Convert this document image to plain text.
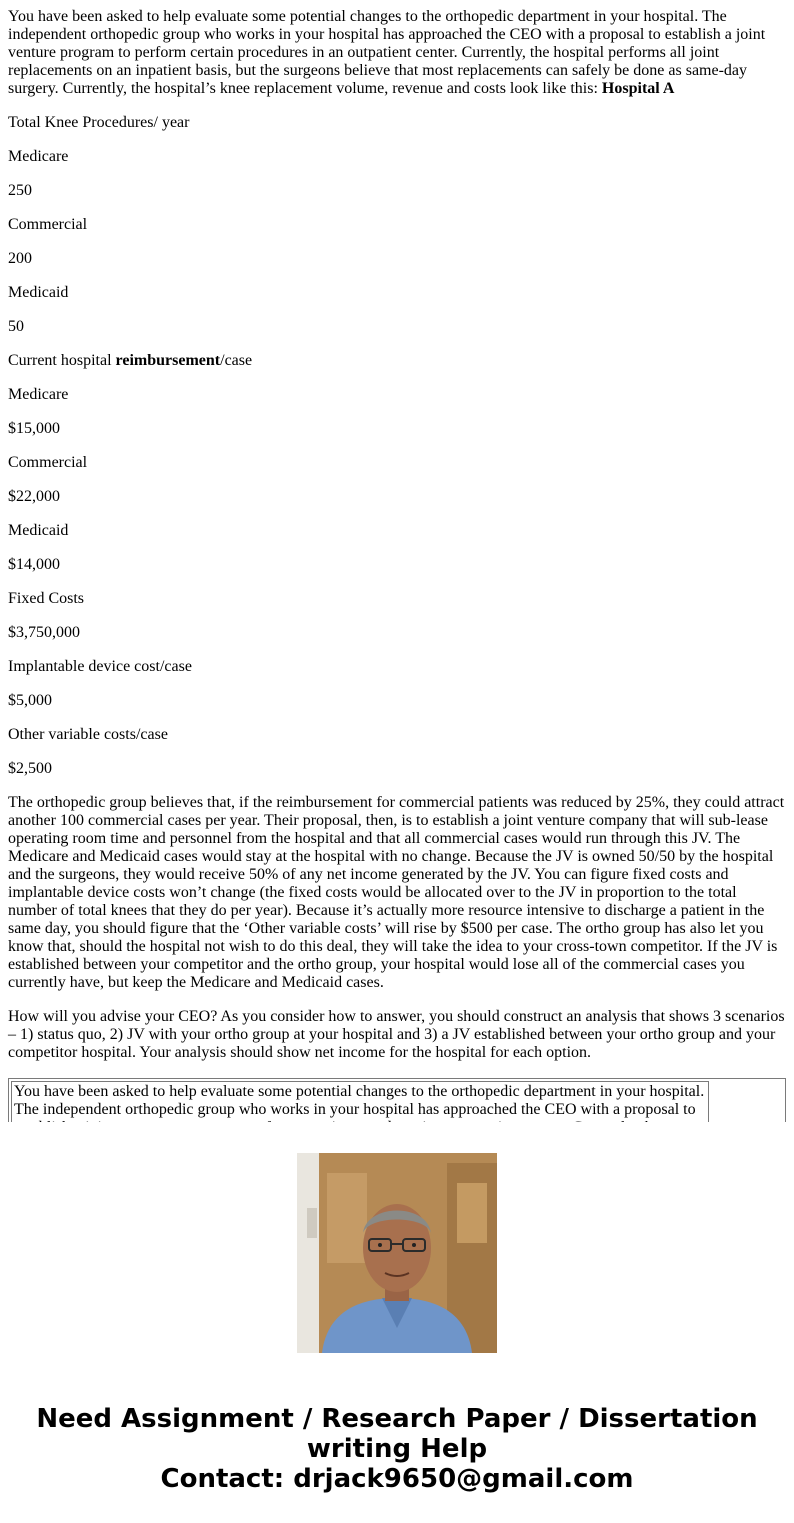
You have been asked to help evaluate some potential changes to the orthopedic department in your hospital. The independent orthopedic group who works in your hospital has approached the CEO with a proposal to establish a joint venture program to perform certain procedures in an outpatient center. Currently, the hospital performs all joint replacements on an inpatient basis, but the surgeons believe that most replacements can safely be done as same-day surgery. Currently, the hospital’s knee replacement volume, revenue and costs look like this: Hospital A

Total Knee Procedures/ year
Medicare
250
Commercial
200
Medicaid
50
Current hospital reimbursement/case
Medicare
$15,000
Commercial
$22,000
Medicaid
$14,000
Fixed Costs
$3,750,000
Implantable device cost/case
$5,000
Other variable costs/case
$2,500

The orthopedic group believes that, if the reimbursement for commercial patients was reduced by 25%, they could attract another 100 commercial cases per year. Their proposal, then, is to establish a joint venture company that will sub-lease operating room time and personnel from the hospital and that all commercial cases would run through this JV. The Medicare and Medicaid cases would stay at the hospital with no change. Because the JV is owned 50/50 by the hospital and the surgeons, they would receive 50% of any net income generated by the JV. You can figure fixed costs and implantable device costs won’t change (the fixed costs would be allocated over to the JV in proportion to the total number of total knees that they do per year). Because it’s actually more resource intensive to discharge a patient in the same day, you should figure that the ‘Other variable costs’ will rise by $500 per case. The ortho group has also let you know that, should the hospital not wish to do this deal, they will take the idea to your cross-town competitor. If the JV is established between your competitor and the ortho group, your hospital would lose all of the commercial cases you currently have, but keep the Medicare and Medicaid cases.

How will you advise your CEO? As you consider how to answer, you should construct an analysis that shows 3 scenarios – 1) status quo, 2) JV with your ortho group at your hospital and 3) a JV established between your ortho group and your competitor hospital. Your analysis should show net income for the hospital for each option.

You have been asked to help evaluate some potential changes to the orthopedic department in your hospital. The independent orthopedic group who works in your hospital has approached the CEO with a proposal to
Need Assignment / Research Paper / Dissertation
writing Help
Contact: drjack9650@gmail.com
